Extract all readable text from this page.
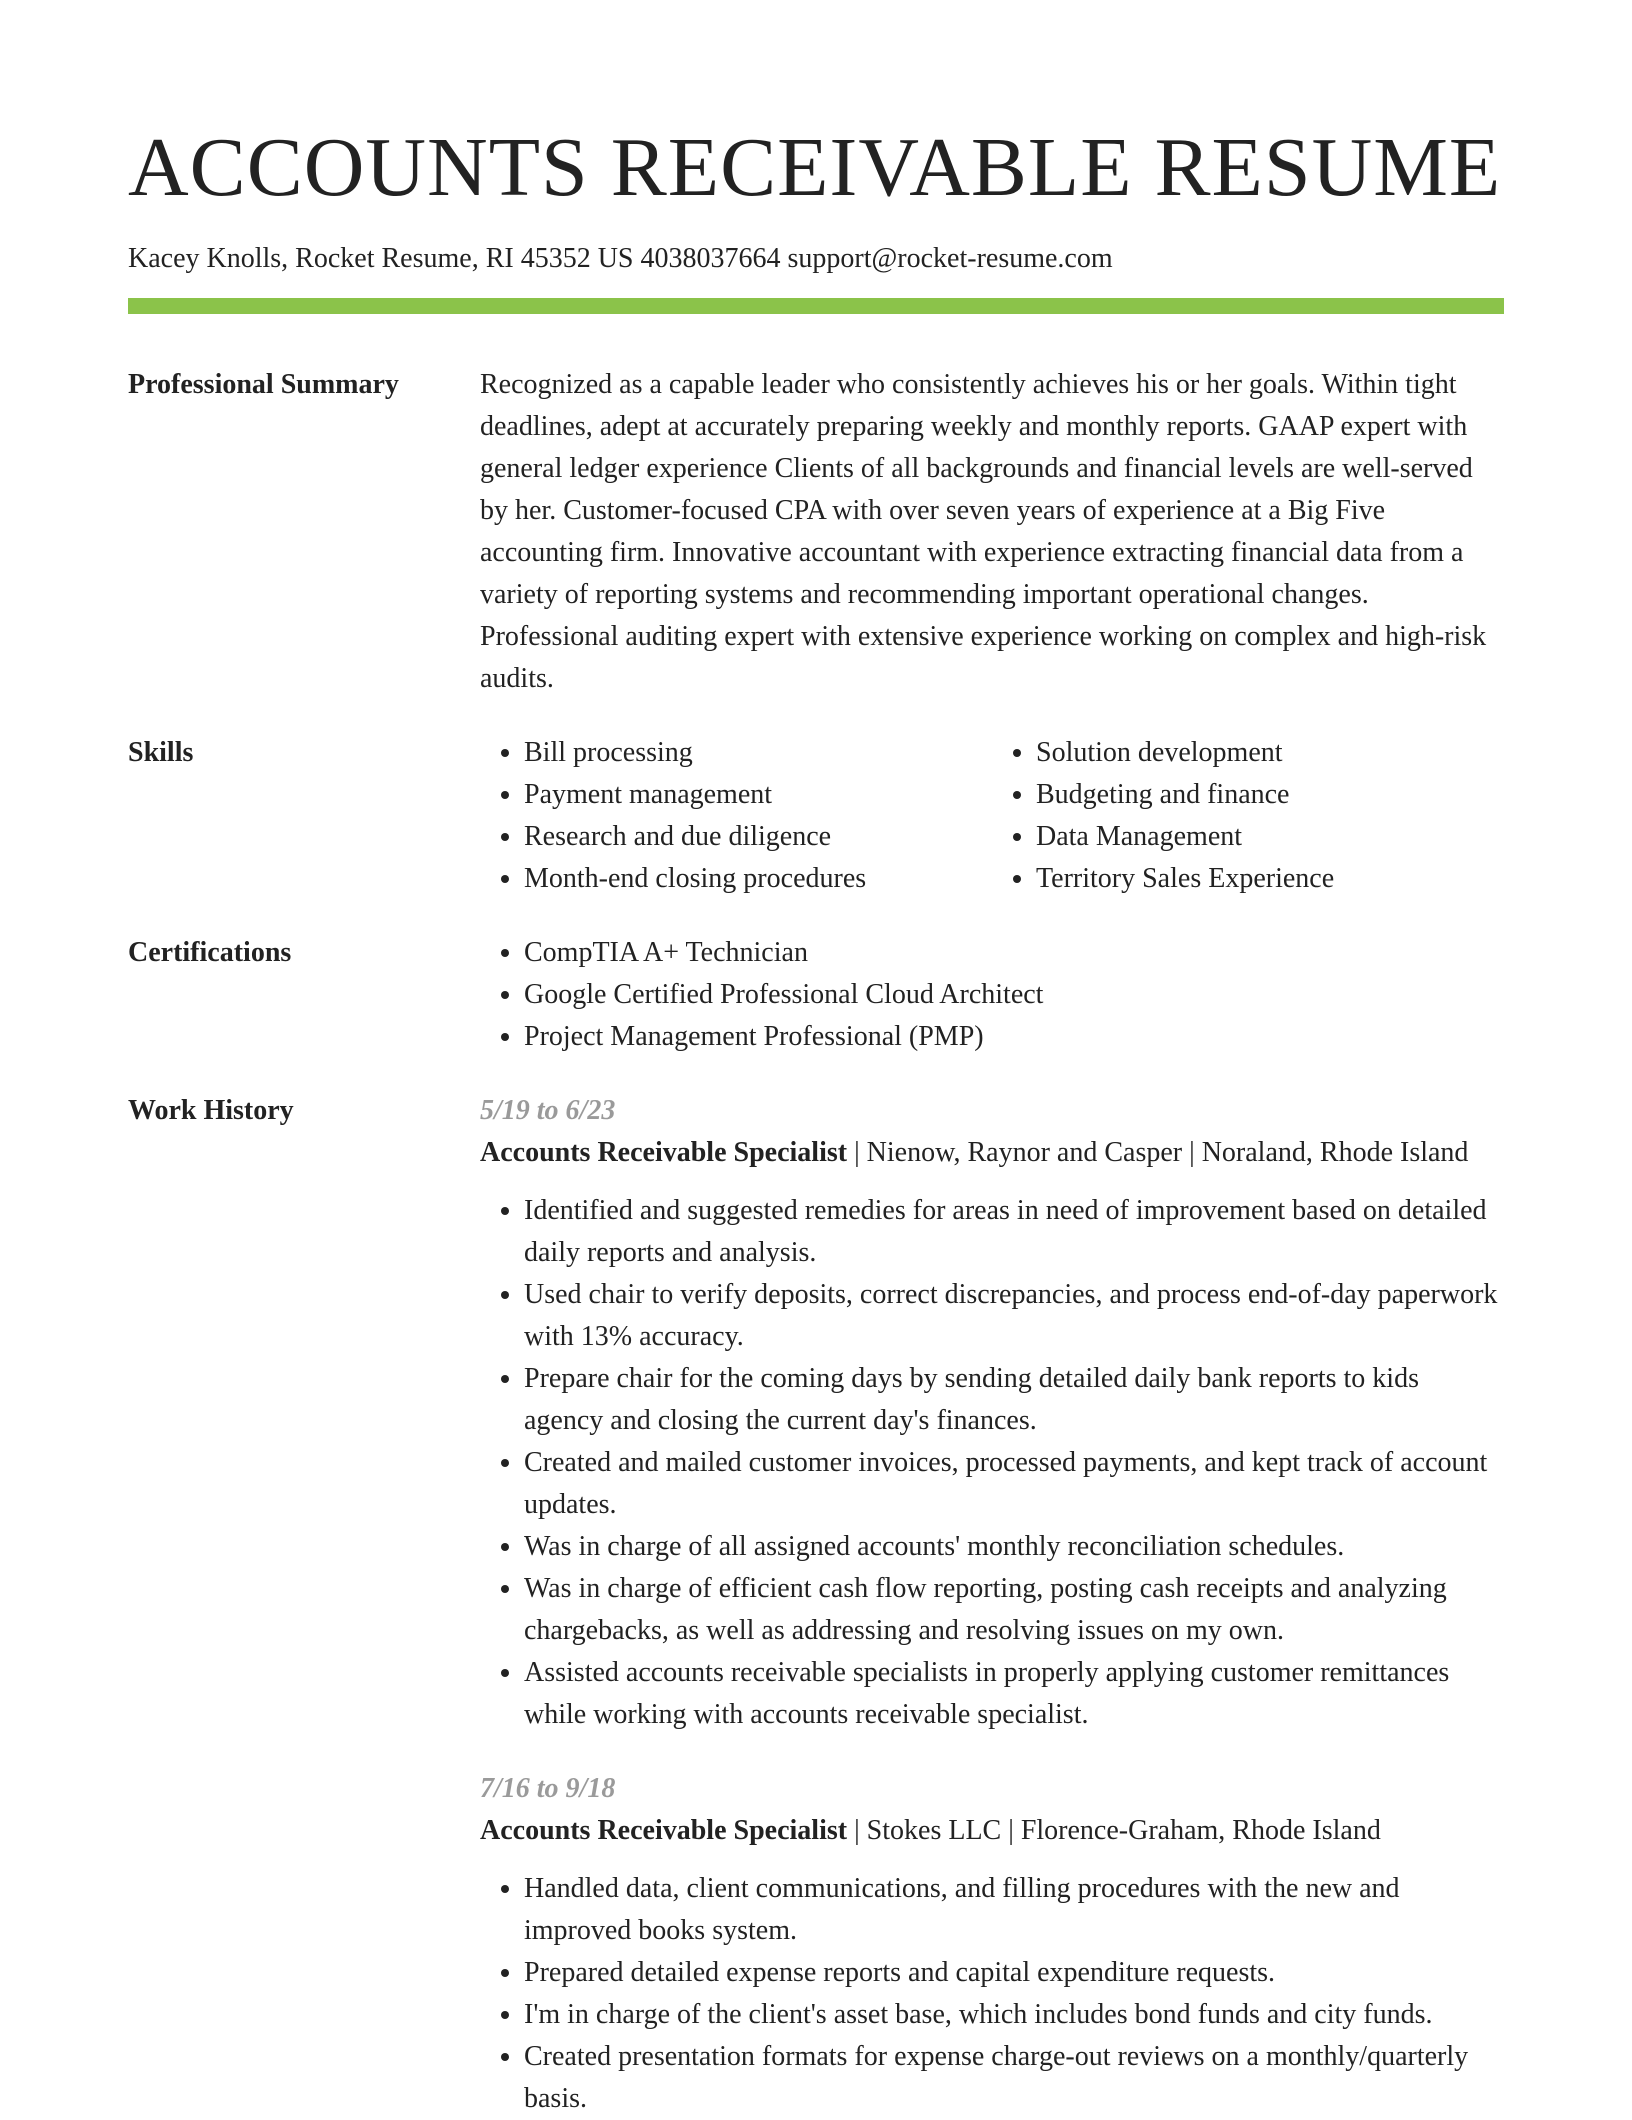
ACCOUNTS RECEIVABLE RESUME
Kacey Knolls, Rocket Resume, RI 45352 US 4038037664 support@rocket-resume.com
Professional Summary	Recognized as a capable leader who consistently achieves his or her goals. Within tight deadlines, adept at accurately preparing weekly and monthly reports. GAAP expert with general ledger experience Clients of all backgrounds and financial levels are well-served by her. Customer-focused CPA with over seven years of experience at a Big Five accounting firm. Innovative accountant with experience extracting financial data from a variety of reporting systems and recommending important operational changes. Professional auditing expert with extensive experience working on complex and high-risk audits.
Skills	• Bill processing
• Payment management
• Research and due diligence
• Month-end closing procedures
• Solution development
• Budgeting and finance
• Data Management
• Territory Sales Experience
Certifications	• CompTIA A+ Technician
• Google Certified Professional Cloud Architect
• Project Management Professional (PMP)
Work History	5/19 to 6/23
Accounts Receivable Specialist | Nienow, Raynor and Casper | Noraland, Rhode Island
• Identified and suggested remedies for areas in need of improvement based on detailed daily reports and analysis.
• Used chair to verify deposits, correct discrepancies, and process end-of-day paperwork with 13% accuracy.
• Prepare chair for the coming days by sending detailed daily bank reports to kids agency and closing the current day's finances.
• Created and mailed customer invoices, processed payments, and kept track of account updates.
• Was in charge of all assigned accounts' monthly reconciliation schedules.
• Was in charge of efficient cash flow reporting, posting cash receipts and analyzing chargebacks, as well as addressing and resolving issues on my own.
• Assisted accounts receivable specialists in properly applying customer remittances while working with accounts receivable specialist.
7/16 to 9/18
Accounts Receivable Specialist | Stokes LLC | Florence-Graham, Rhode Island
• Handled data, client communications, and filling procedures with the new and improved books system.
• Prepared detailed expense reports and capital expenditure requests.
• I'm in charge of the client's asset base, which includes bond funds and city funds.
• Created presentation formats for expense charge-out reviews on a monthly/quarterly basis.
